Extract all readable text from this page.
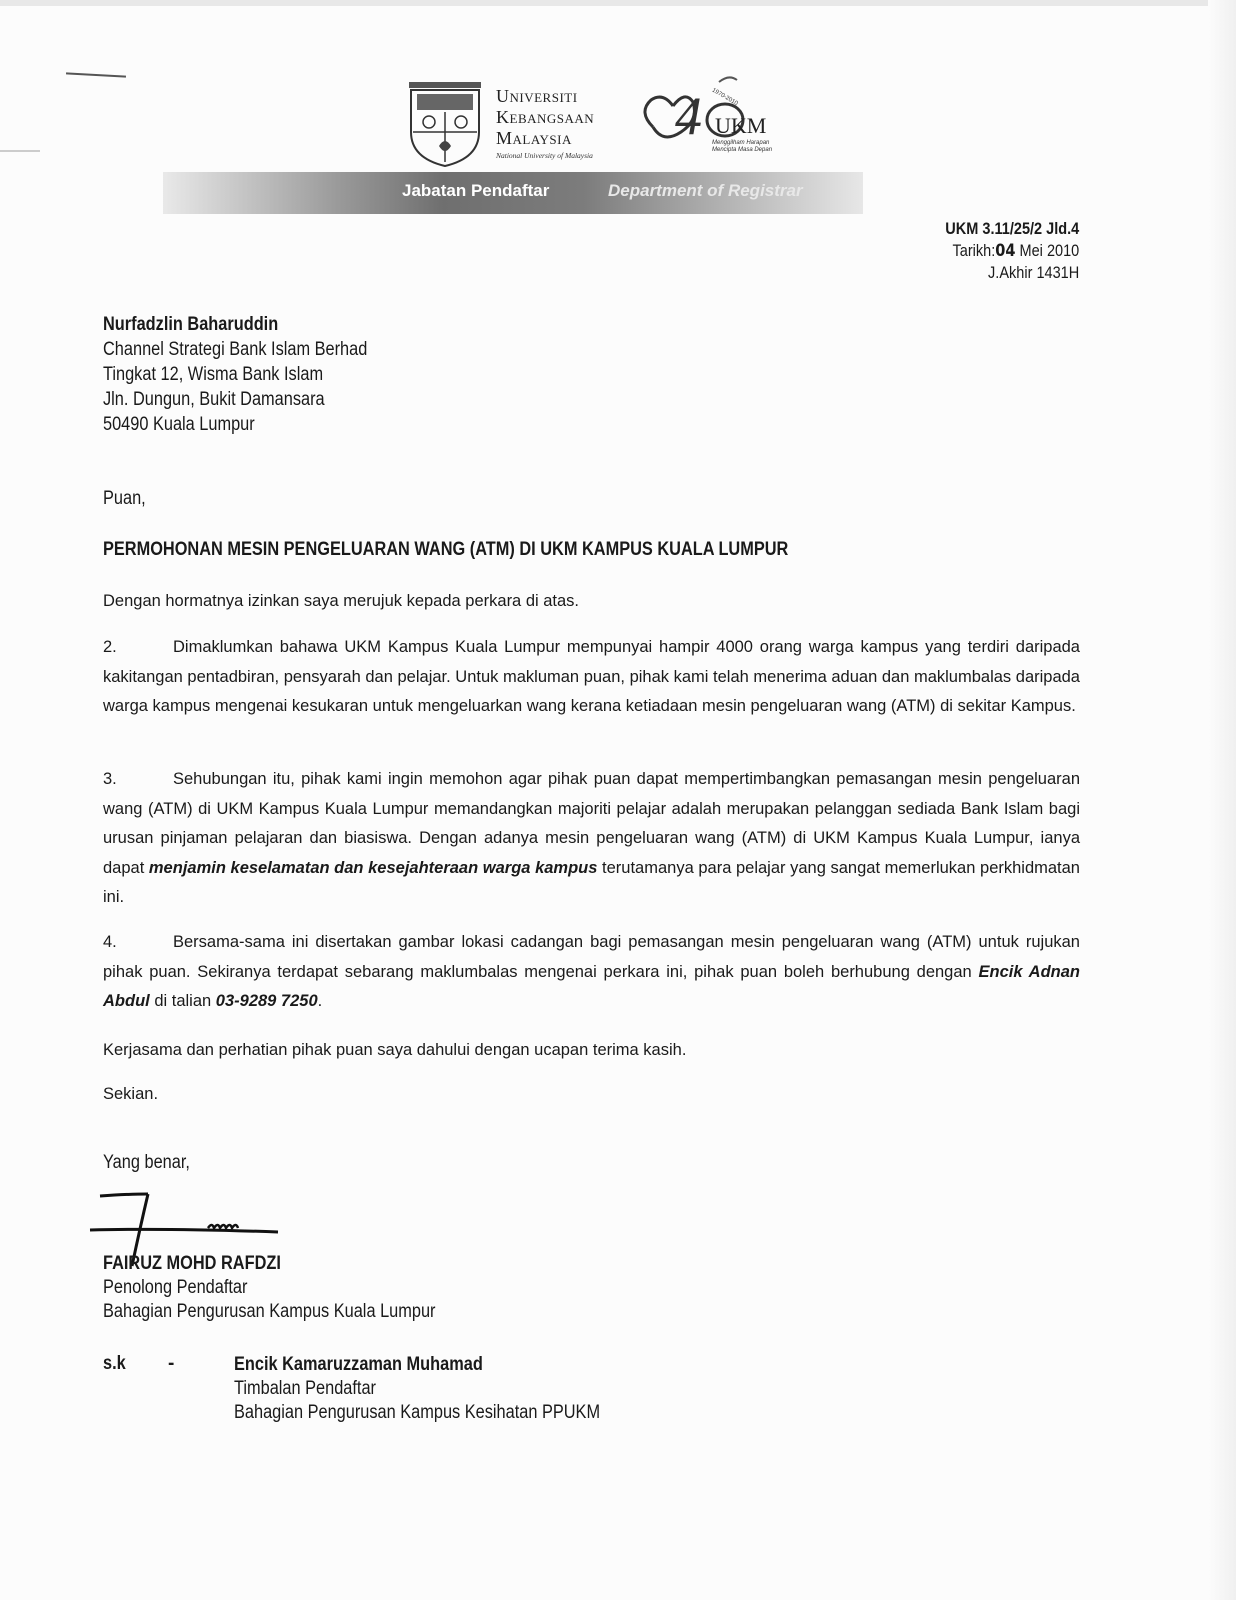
Universiti
Kebangsaan
Malaysia
National University of Malaysia
4 1970-2010
UKM
Menggilham Harapan
Mencipta Masa Depan
Jabatan Pendaftar	Department of Registrar
UKM 3.11/25/2 Jld.4
Tarikh:04 Mei 2010
J.Akhir 1431H
Nurfadzlin Baharuddin
Channel Strategi Bank Islam Berhad
Tingkat 12, Wisma Bank Islam
Jln. Dungun, Bukit Damansara
50490 Kuala Lumpur
Puan,
PERMOHONAN MESIN PENGELUARAN WANG (ATM) DI UKM KAMPUS KUALA LUMPUR
Dengan hormatnya izinkan saya merujuk kepada perkara di atas.
2.	Dimaklumkan bahawa UKM Kampus Kuala Lumpur mempunyai hampir 4000 orang warga kampus yang terdiri daripada kakitangan pentadbiran, pensyarah dan pelajar. Untuk makluman puan, pihak kami telah menerima aduan dan maklumbalas daripada warga kampus mengenai kesukaran untuk mengeluarkan wang kerana ketiadaan mesin pengeluaran wang (ATM) di sekitar Kampus.
3.	Sehubungan itu, pihak kami ingin memohon agar pihak puan dapat mempertimbangkan pemasangan mesin pengeluaran wang (ATM) di UKM Kampus Kuala Lumpur memandangkan majoriti pelajar adalah merupakan pelanggan sediada Bank Islam bagi urusan pinjaman pelajaran dan biasiswa. Dengan adanya mesin pengeluaran wang (ATM) di UKM Kampus Kuala Lumpur, ianya dapat menjamin keselamatan dan kesejahteraan warga kampus terutamanya para pelajar yang sangat memerlukan perkhidmatan ini.
4.	Bersama-sama ini disertakan gambar lokasi cadangan bagi pemasangan mesin pengeluaran wang (ATM) untuk rujukan pihak puan. Sekiranya terdapat sebarang maklumbalas mengenai perkara ini, pihak puan boleh berhubung dengan Encik Adnan Abdul di talian 03-9289 7250.
Kerjasama dan perhatian pihak puan saya dahului dengan ucapan terima kasih.
Sekian.
Yang benar,
FAIRUZ MOHD RAFDZI
Penolong Pendaftar
Bahagian Pengurusan Kampus Kuala Lumpur
s.k -	Encik Kamaruzzaman Muhamad
Timbalan Pendaftar
Bahagian Pengurusan Kampus Kesihatan PPUKM
